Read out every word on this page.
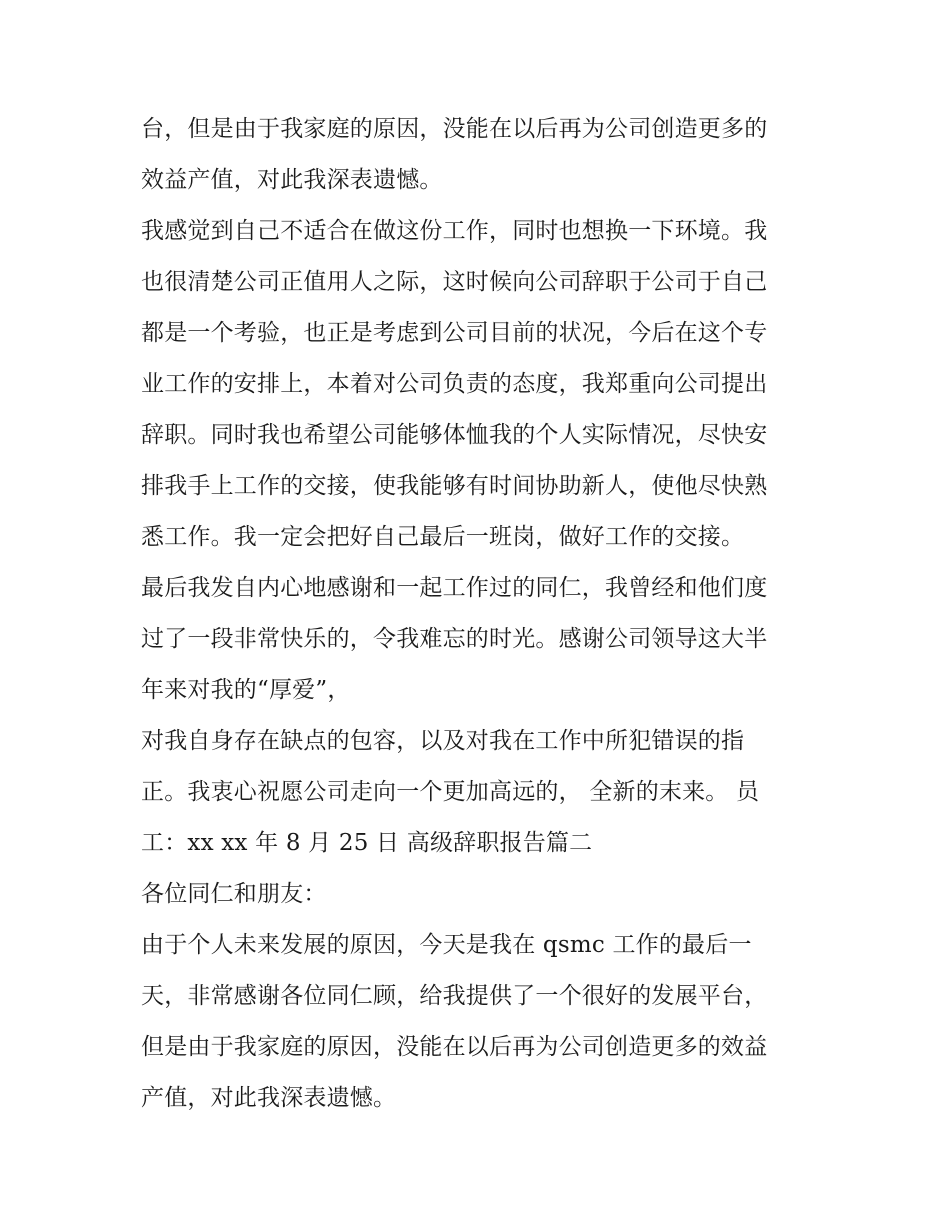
台，但是由于我家庭的原因，没能在以后再为公司创造更多的
效益产值，对此我深表遗憾。
我感觉到自己不适合在做这份工作，同时也想换一下环境。我
也很清楚公司正值用人之际，这时候向公司辞职于公司于自己
都是一个考验，也正是考虑到公司目前的状况，今后在这个专
业工作的安排上，本着对公司负责的态度，我郑重向公司提出
辞职。同时我也希望公司能够体恤我的个人实际情况，尽快安
排我手上工作的交接，使我能够有时间协助新人，使他尽快熟
悉工作。我一定会把好自己最后一班岗，做好工作的交接。
最后我发自内心地感谢和一起工作过的同仁，我曾经和他们度
过了一段非常快乐的，令我难忘的时光。感谢公司领导这大半
年来对我的“厚爱”，
对我自身存在缺点的包容，以及对我在工作中所犯错误的指
正。我衷心祝愿公司走向一个更加高远的， 全新的末来。 员
工：xx xx 年 8 月 25 日 高级辞职报告篇二
各位同仁和朋友：
由于个人未来发展的原因，今天是我在 qsmc 工作的最后一
天，非常感谢各位同仁顾，给我提供了一个很好的发展平台，
但是由于我家庭的原因，没能在以后再为公司创造更多的效益
产值，对此我深表遗憾。
